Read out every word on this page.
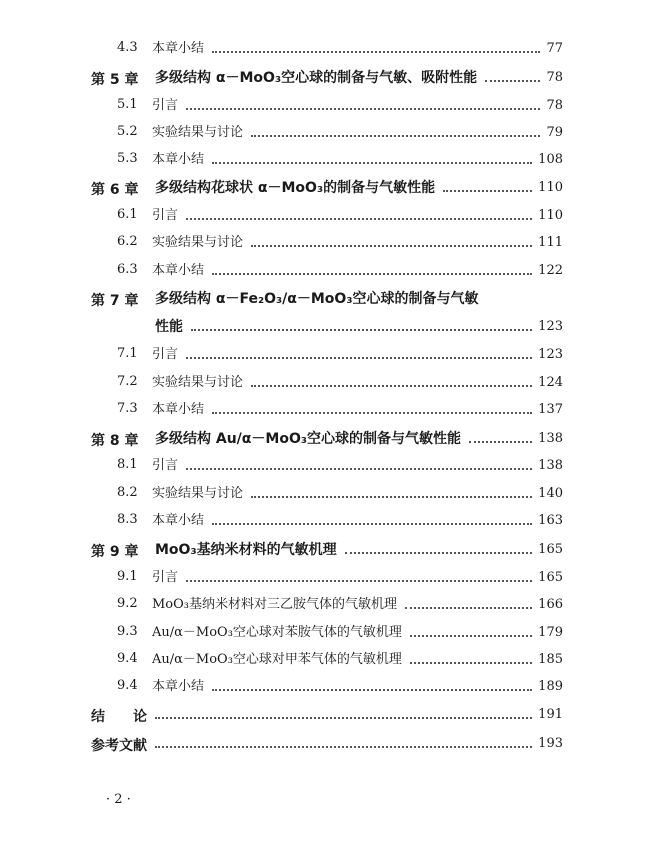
4.3 本章小结	77
第 5 章 多级结构 α－MoO₃空心球的制备与气敏、吸附性能	78
5.1 引言	78
5.2 实验结果与讨论	79
5.3 本章小结	108
第 6 章 多级结构花球状 α－MoO₃的制备与气敏性能	110
6.1 引言	110
6.2 实验结果与讨论	111
6.3 本章小结	122
第 7 章 多级结构 α－Fe₂O₃/α－MoO₃空心球的制备与气敏
性能	123
7.1 引言	123
7.2 实验结果与讨论	124
7.3 本章小结	137
第 8 章 多级结构 Au/α－MoO₃空心球的制备与气敏性能	138
8.1 引言	138
8.2 实验结果与讨论	140
8.3 本章小结	163
第 9 章 MoO₃基纳米材料的气敏机理	165
9.1 引言	165
9.2 MoO₃基纳米材料对三乙胺气体的气敏机理	166
9.3 Au/α－MoO₃空心球对苯胺气体的气敏机理	179
9.4 Au/α－MoO₃空心球对甲苯气体的气敏机理	185
9.4 本章小结	189
结　　论	191
参考文献	193
· 2 ·
